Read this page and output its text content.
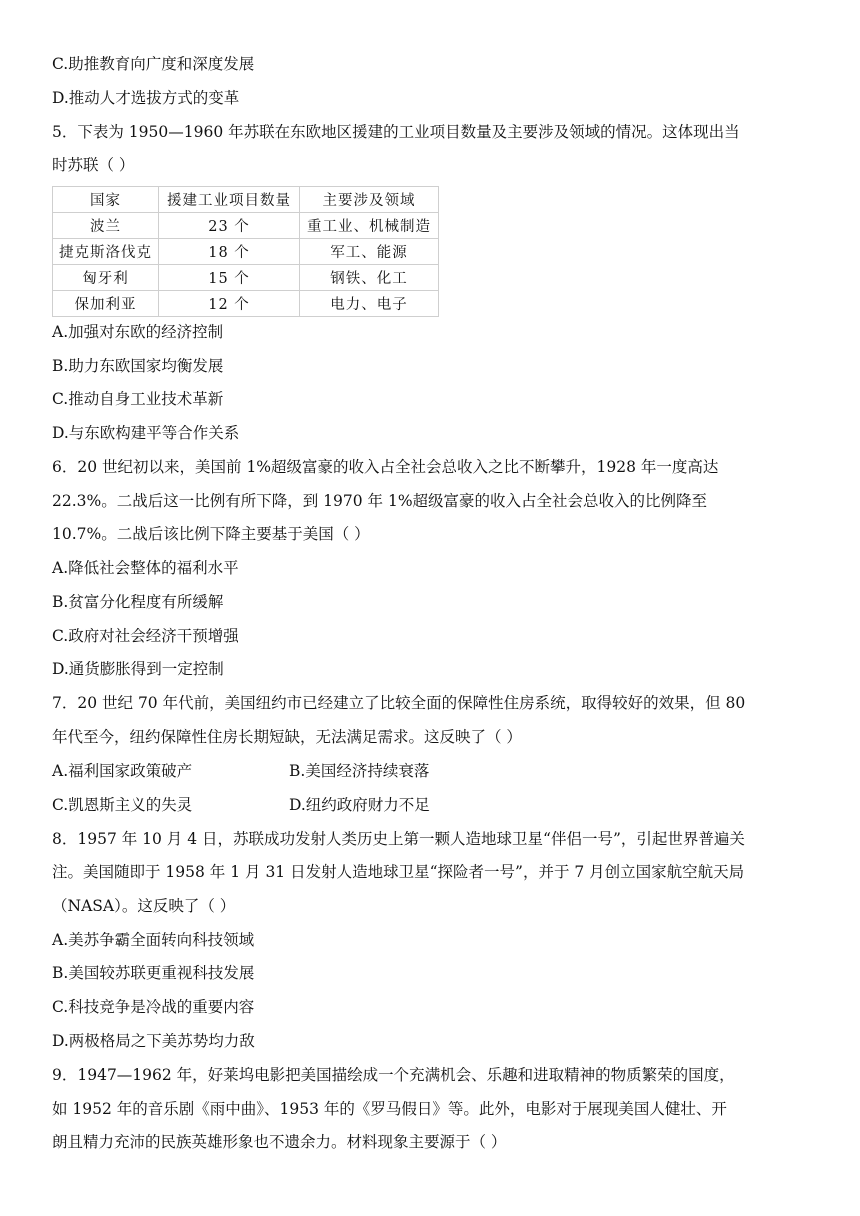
C.助推教育向广度和深度发展
D.推动人才选拔方式的变革
5．下表为 1950—1960 年苏联在东欧地区援建的工业项目数量及主要涉及领域的情况。这体现出当
时苏联（ ）
国家	援建工业项目数量	主要涉及领域
波兰	23 个	重工业、机械制造
捷克斯洛伐克	18 个	军工、能源
匈牙利	15 个	钢铁、化工
保加利亚	12 个	电力、电子
A.加强对东欧的经济控制
B.助力东欧国家均衡发展
C.推动自身工业技术革新
D.与东欧构建平等合作关系
6．20 世纪初以来，美国前 1%超级富豪的收入占全社会总收入之比不断攀升，1928 年一度高达
22.3%。二战后这一比例有所下降，到 1970 年 1%超级富豪的收入占全社会总收入的比例降至
10.7%。二战后该比例下降主要基于美国（ ）
A.降低社会整体的福利水平
B.贫富分化程度有所缓解
C.政府对社会经济干预增强
D.通货膨胀得到一定控制
7．20 世纪 70 年代前，美国纽约市已经建立了比较全面的保障性住房系统，取得较好的效果，但 80
年代至今，纽约保障性住房长期短缺，无法满足需求。这反映了（ ）
A.福利国家政策破产	B.美国经济持续衰落
C.凯恩斯主义的失灵	D.纽约政府财力不足
8．1957 年 10 月 4 日，苏联成功发射人类历史上第一颗人造地球卫星“伴侣一号”，引起世界普遍关
注。美国随即于 1958 年 1 月 31 日发射人造地球卫星“探险者一号”，并于 7 月创立国家航空航天局
（NASA）。这反映了（ ）
A.美苏争霸全面转向科技领域
B.美国较苏联更重视科技发展
C.科技竞争是冷战的重要内容
D.两极格局之下美苏势均力敌
9．1947—1962 年，好莱坞电影把美国描绘成一个充满机会、乐趣和进取精神的物质繁荣的国度，
如 1952 年的音乐剧《雨中曲》、1953 年的《罗马假日》等。此外，电影对于展现美国人健壮、开
朗且精力充沛的民族英雄形象也不遗余力。材料现象主要源于（ ）
